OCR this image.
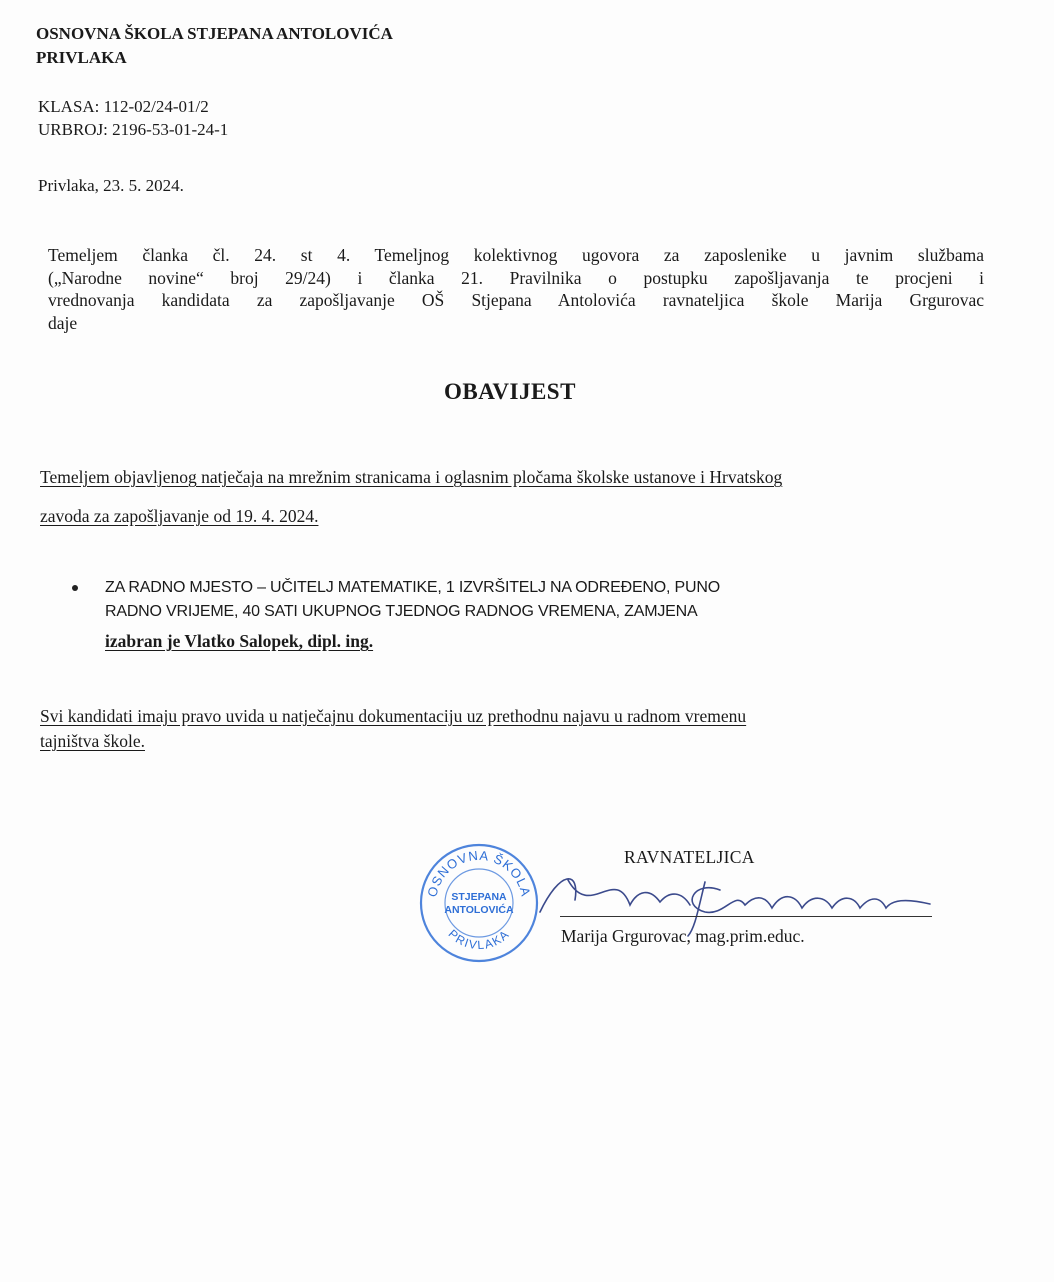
OSNOVNA ŠKOLA STJEPANA ANTOLOVIĆA
PRIVLAKA
KLASA: 112-02/24-01/2
URBROJ: 2196-53-01-24-1
Privlaka, 23. 5. 2024.
Temeljem članka čl. 24. st 4. Temeljnog kolektivnog ugovora za zaposlenike u javnim službama
(„Narodne novine“ broj 29/24) i članka 21. Pravilnika o postupku zapošljavanja te procjeni i
vrednovanja kandidata za zapošljavanje OŠ Stjepana Antolovića ravnateljica škole Marija Grgurovac
daje
OBAVIJEST
Temeljem objavljenog natječaja na mrežnim stranicama i oglasnim pločama školske ustanove i Hrvatskog
zavoda za zapošljavanje od 19. 4. 2024.
ZA RADNO MJESTO – UČITELJ MATEMATIKE, 1 IZVRŠITELJ NA ODREĐENO, PUNO
RADNO VRIJEME, 40 SATI UKUPNOG TJEDNOG RADNOG VREMENA, ZAMJENA
izabran je Vlatko Salopek, dipl. ing.
Svi kandidati imaju pravo uvida u natječajnu dokumentaciju uz prethodnu najavu u radnom vremenu
tajništva škole.
RAVNATELJICA
Marija Grgurovac, mag.prim.educ.
OSNOVNA ŠKOLA
PRIVLAKA
STJEPANA
ANTOLOVIĆA
